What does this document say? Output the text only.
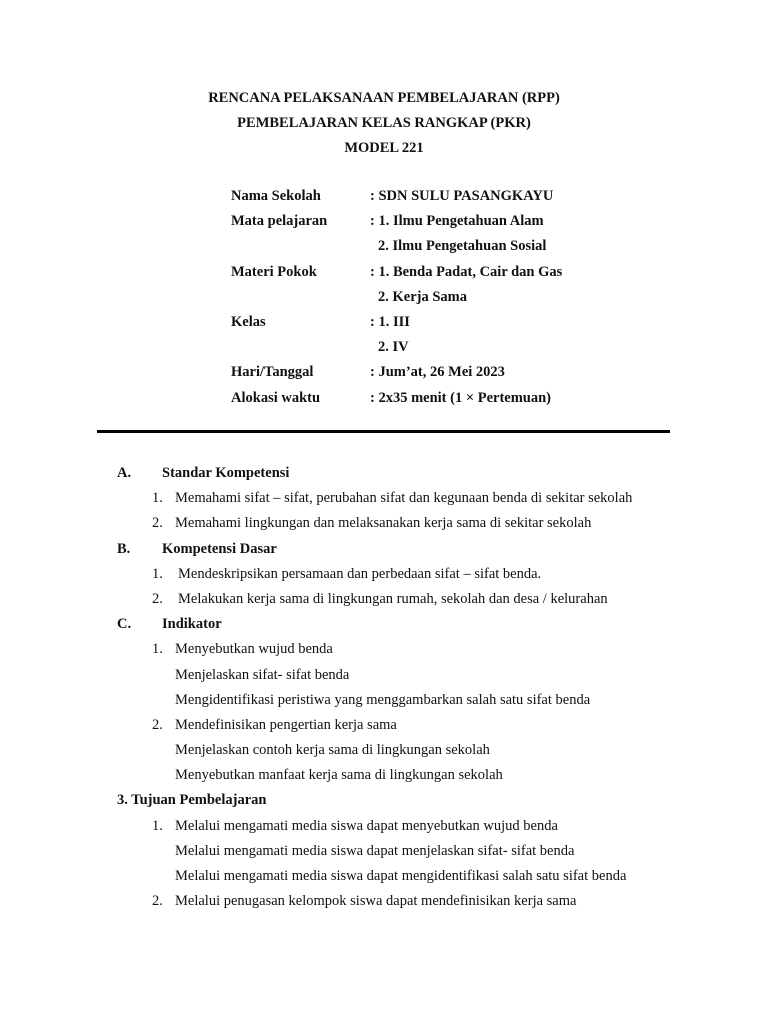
RENCANA PELAKSANAAN PEMBELAJARAN (RPP)
PEMBELAJARAN KELAS RANGKAP (PKR)
MODEL 221
Nama Sekolah	: SDN SULU PASANGKAYU
Mata pelajaran	: 1. Ilmu Pengetahuan Alam
2. Ilmu Pengetahuan Sosial
Materi Pokok	: 1. Benda Padat, Cair dan Gas
2. Kerja Sama
Kelas	: 1. III
2. IV
Hari/Tanggal	: Jum’at, 26 Mei 2023
Alokasi waktu	: 2x35 menit (1 × Pertemuan)
A. Standar Kompetensi
1. Memahami sifat – sifat, perubahan sifat dan kegunaan benda di sekitar sekolah
2. Memahami lingkungan dan melaksanakan kerja sama di sekitar sekolah
B. Kompetensi Dasar
1. Mendeskripsikan persamaan dan perbedaan sifat – sifat benda.
2. Melakukan kerja sama di lingkungan rumah, sekolah dan desa / kelurahan
C. Indikator
1. Menyebutkan wujud benda
Menjelaskan sifat- sifat benda
Mengidentifikasi peristiwa yang menggambarkan salah satu sifat benda
2. Mendefinisikan pengertian kerja sama
Menjelaskan contoh kerja sama di lingkungan sekolah
Menyebutkan manfaat kerja sama di lingkungan sekolah
3. Tujuan Pembelajaran
1. Melalui mengamati media siswa dapat menyebutkan wujud benda
Melalui mengamati media siswa dapat menjelaskan sifat- sifat benda
Melalui mengamati media siswa dapat mengidentifikasi salah satu sifat benda
2. Melalui penugasan kelompok siswa dapat mendefinisikan kerja sama
